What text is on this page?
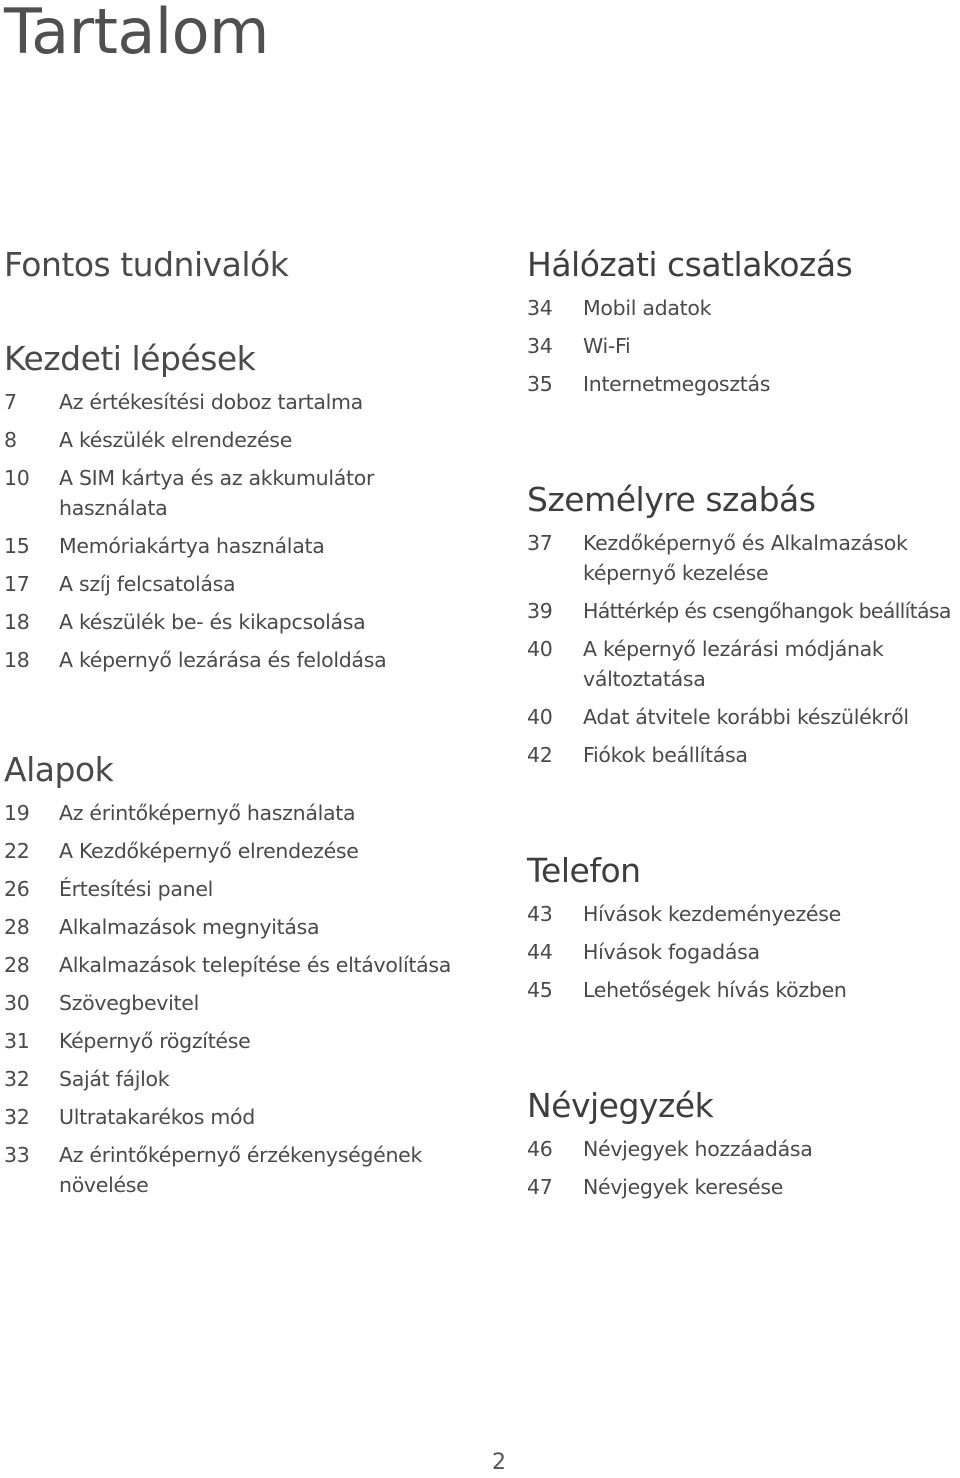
Tartalom
Fontos tudnivalók
Kezdeti lépések
7	Az értékesítési doboz tartalma
8	A készülék elrendezése
10	A SIM kártya és az akkumulátor használata
15	Memóriakártya használata
17	A szíj felcsatolása
18	A készülék be- és kikapcsolása
18	A képernyő lezárása és feloldása
Alapok
19	Az érintőképernyő használata
22	A Kezdőképernyő elrendezése
26	Értesítési panel
28	Alkalmazások megnyitása
28	Alkalmazások telepítése és eltávolítása
30	Szövegbevitel
31	Képernyő rögzítése
32	Saját fájlok
32	Ultratakarékos mód
33	Az érintőképernyő érzékenységének növelése
Hálózati csatlakozás
34	Mobil adatok
34	Wi-Fi
35	Internetmegosztás
Személyre szabás
37	Kezdőképernyő és Alkalmazások képernyő kezelése
39	Háttérkép és csengőhangok beállítása
40	A képernyő lezárási módjának változtatása
40	Adat átvitele korábbi készülékről
42	Fiókok beállítása
Telefon
43	Hívások kezdeményezése
44	Hívások fogadása
45	Lehetőségek hívás közben
Névjegyzék
46	Névjegyek hozzáadása
47	Névjegyek keresése
2
